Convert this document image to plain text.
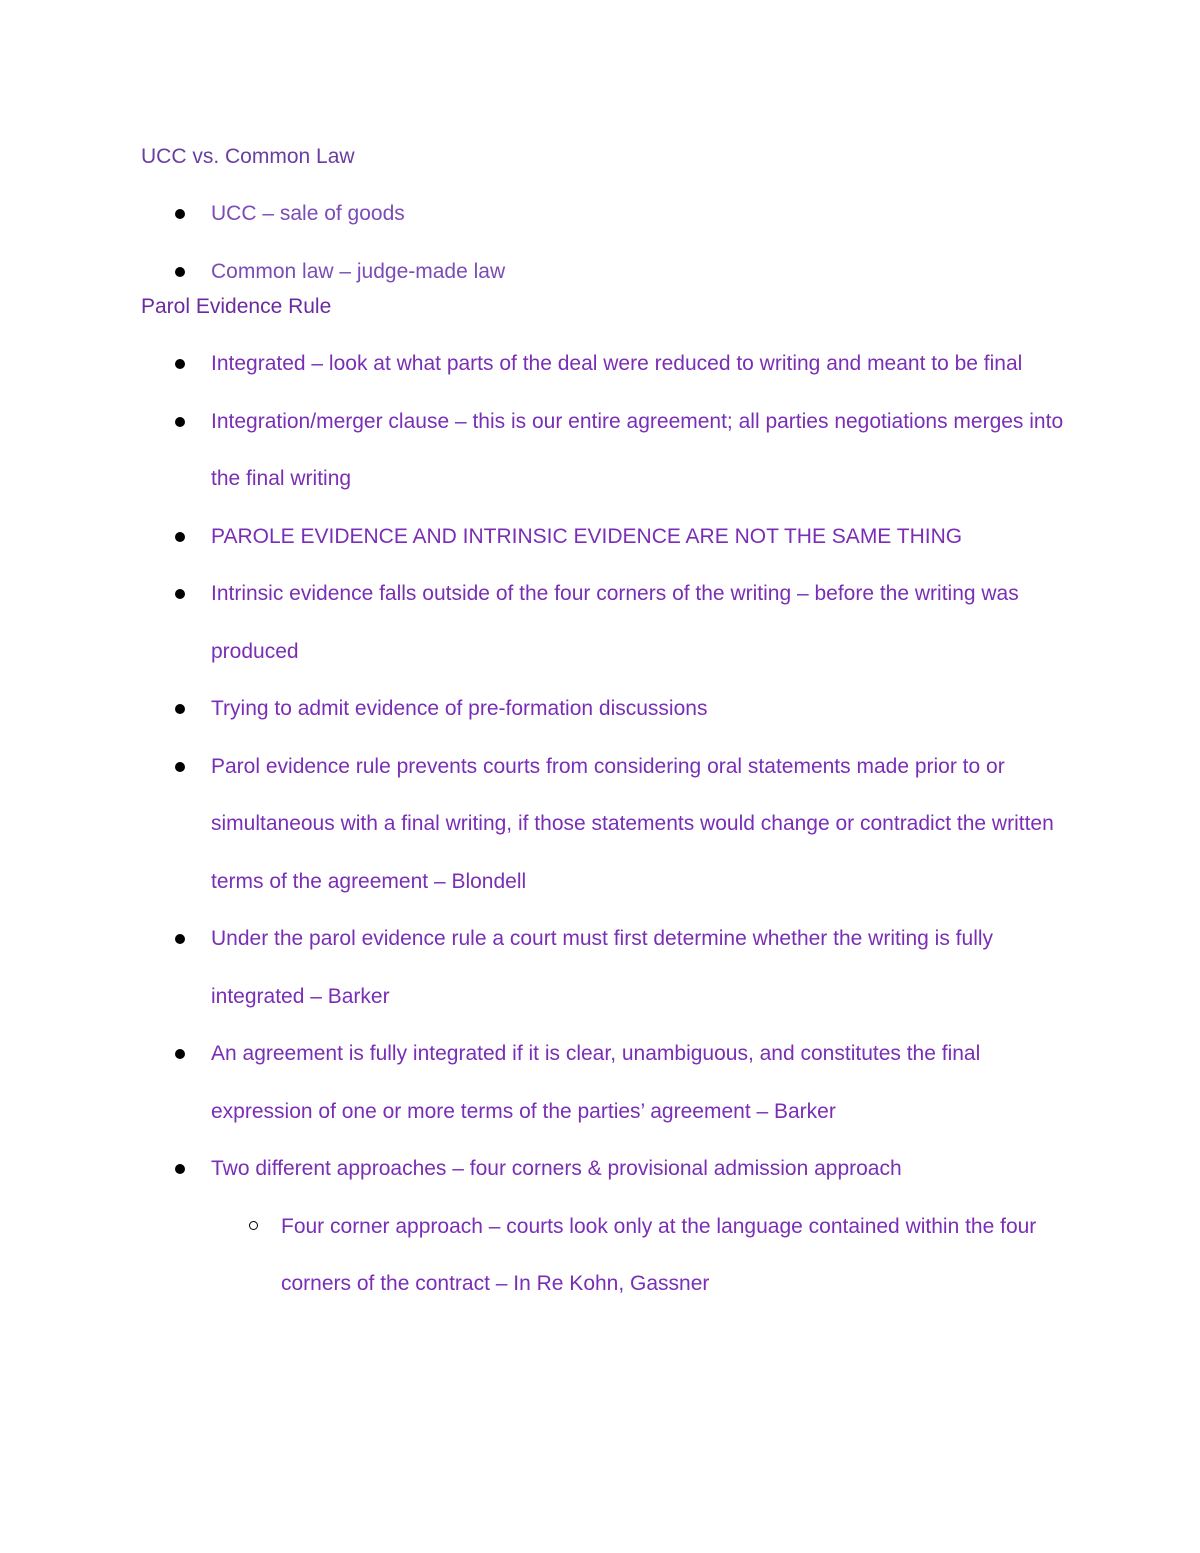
UCC vs. Common Law
UCC – sale of goods
Common law – judge-made law
Parol Evidence Rule
Integrated – look at what parts of the deal were reduced to writing and meant to be final
Integration/merger clause – this is our entire agreement; all parties negotiations merges into the final writing
PAROLE EVIDENCE AND INTRINSIC EVIDENCE ARE NOT THE SAME THING
Intrinsic evidence falls outside of the four corners of the writing – before the writing was produced
Trying to admit evidence of pre-formation discussions
Parol evidence rule prevents courts from considering oral statements made prior to or simultaneous with a final writing, if those statements would change or contradict the written terms of the agreement – Blondell
Under the parol evidence rule a court must first determine whether the writing is fully integrated – Barker
An agreement is fully integrated if it is clear, unambiguous, and constitutes the final expression of one or more terms of the parties’ agreement – Barker
Two different approaches – four corners & provisional admission approach
Four corner approach – courts look only at the language contained within the four corners of the contract – In Re Kohn, Gassner
